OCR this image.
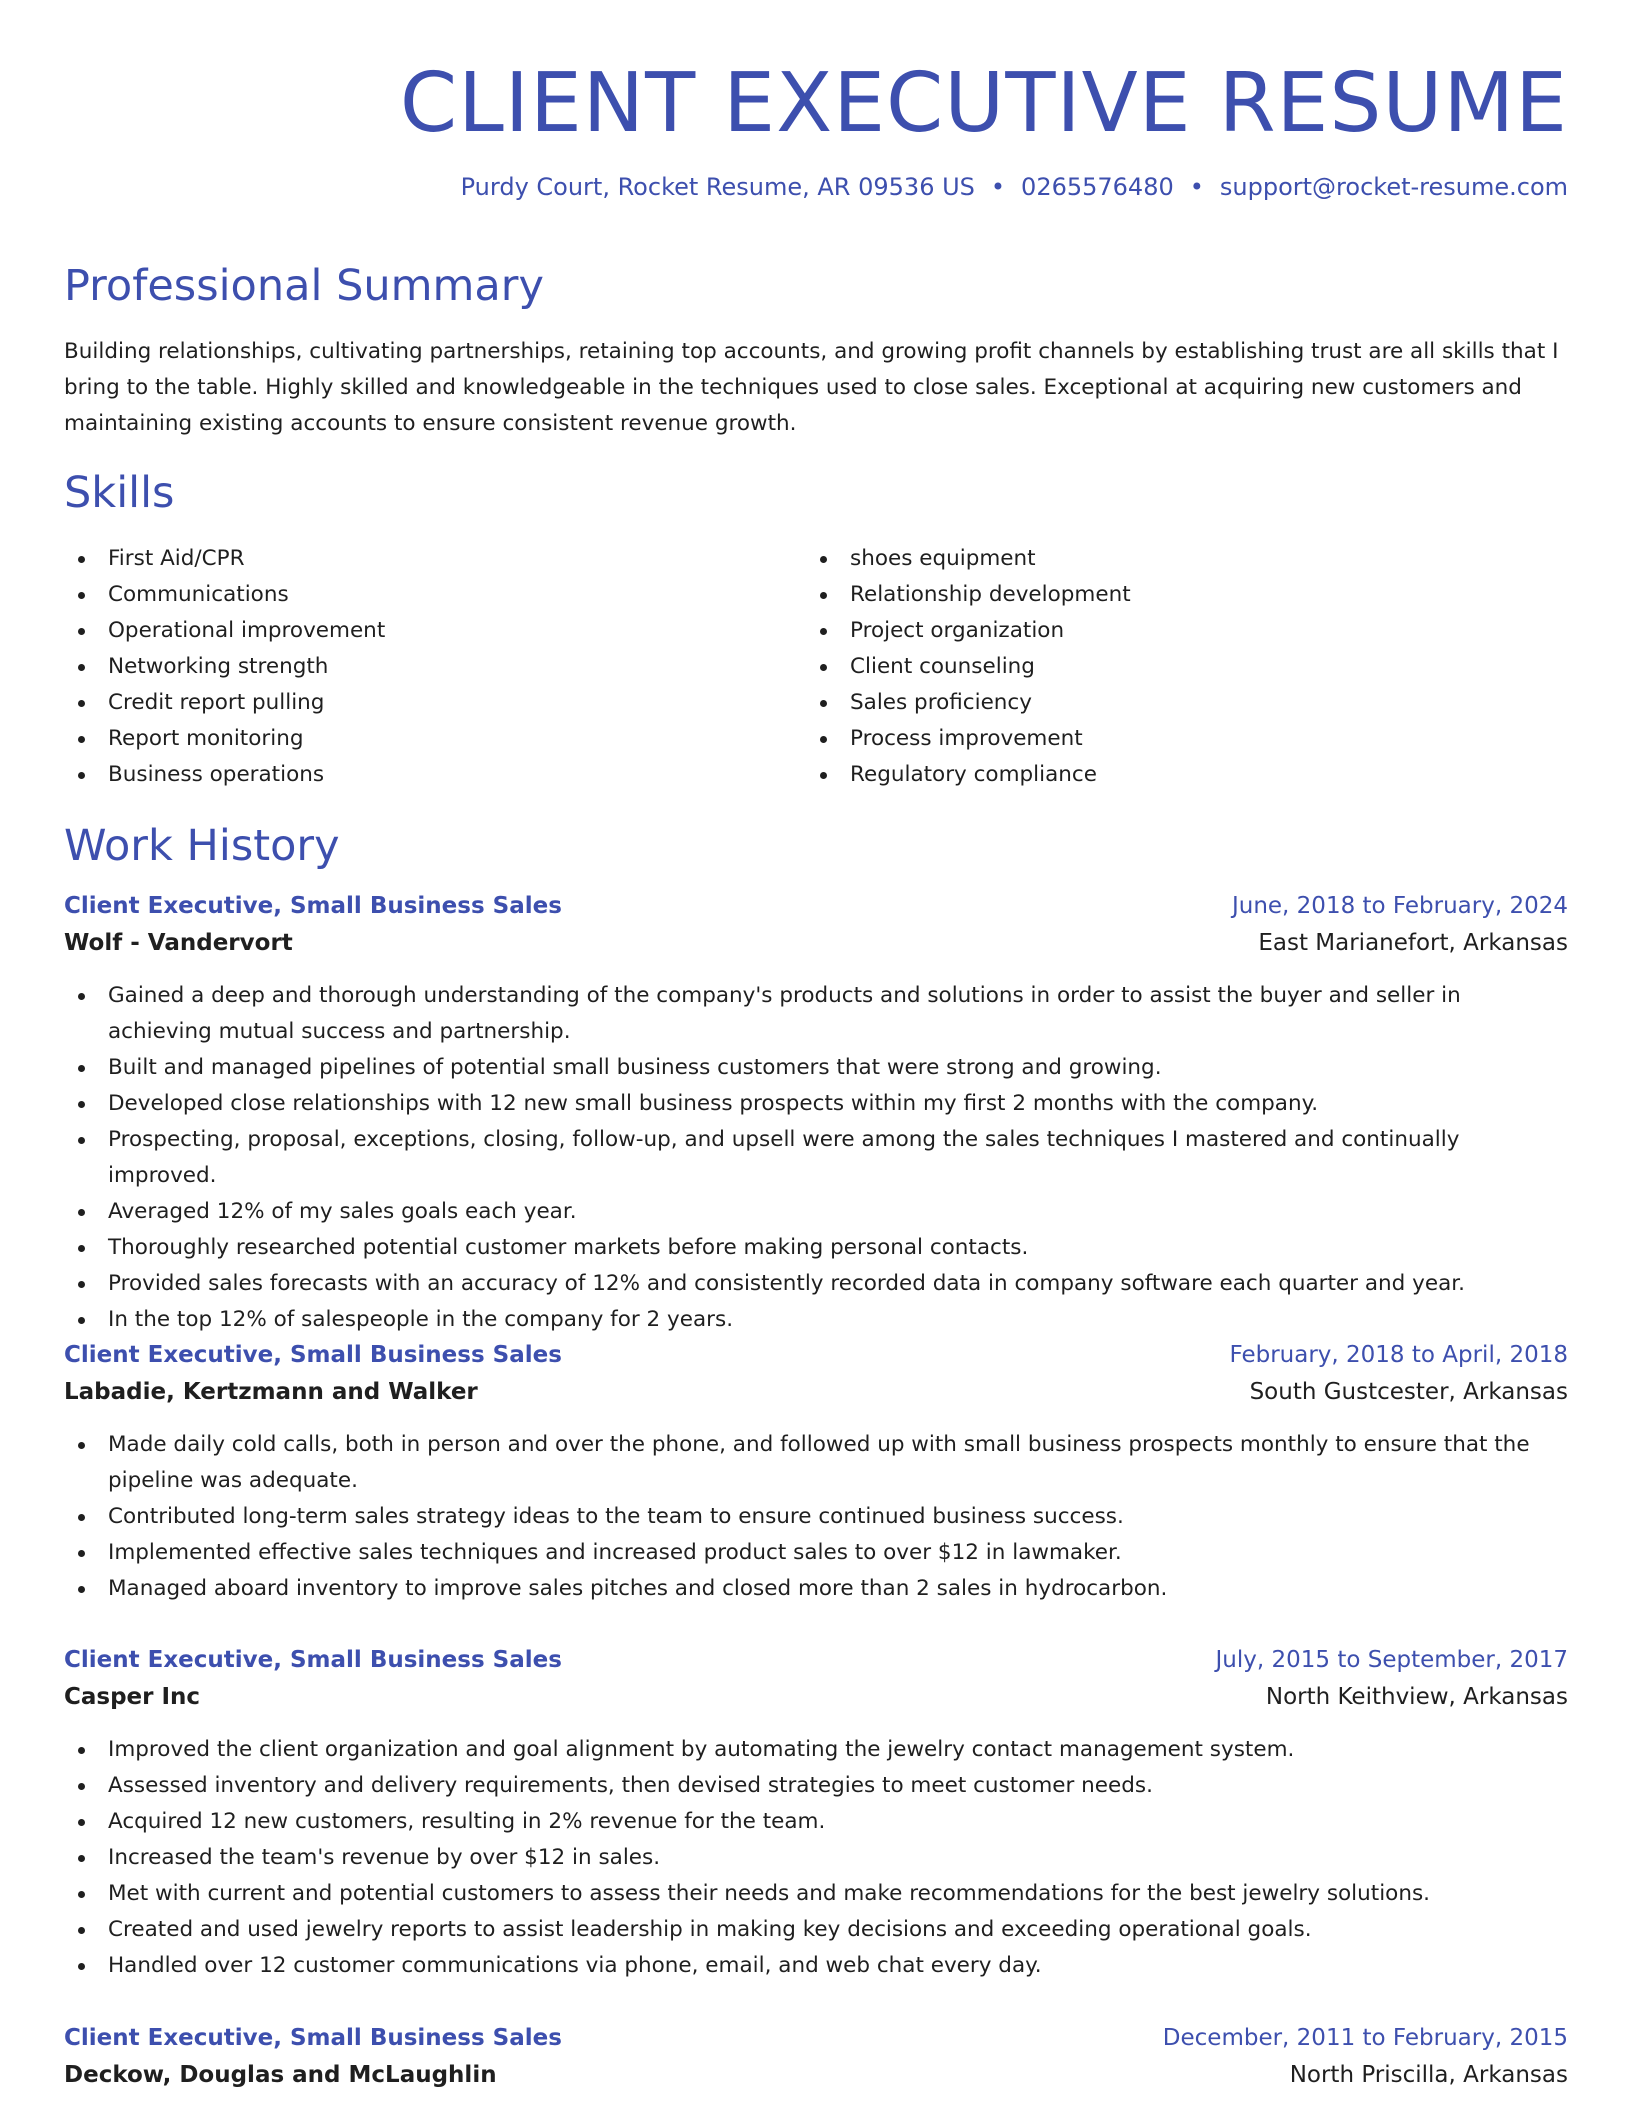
CLIENT EXECUTIVE RESUME
Purdy Court, Rocket Resume, AR 09536 US • 0265576480 • support@rocket-resume.com
Professional Summary

Building relationships, cultivating partnerships, retaining top accounts, and growing profit channels by establishing trust are all skills that I bring to the table. Highly skilled and knowledgeable in the techniques used to close sales. Exceptional at acquiring new customers and maintaining existing accounts to ensure consistent revenue growth.

Skills
First Aid/CPR
Communications
Operational improvement
Networking strength
Credit report pulling
Report monitoring
Business operations
shoes equipment
Relationship development
Project organization
Client counseling
Sales proficiency
Process improvement
Regulatory compliance
Work History
Client Executive, Small Business Sales	June, 2018 to February, 2024
Wolf - Vandervort	East Marianefort, Arkansas
Gained a deep and thorough understanding of the company's products and solutions in order to assist the buyer and seller in achieving mutual success and partnership.
Built and managed pipelines of potential small business customers that were strong and growing.
Developed close relationships with 12 new small business prospects within my first 2 months with the company.
Prospecting, proposal, exceptions, closing, follow-up, and upsell were among the sales techniques I mastered and continually improved.
Averaged 12% of my sales goals each year.
Thoroughly researched potential customer markets before making personal contacts.
Provided sales forecasts with an accuracy of 12% and consistently recorded data in company software each quarter and year.
In the top 12% of salespeople in the company for 2 years.
Client Executive, Small Business Sales	February, 2018 to April, 2018
Labadie, Kertzmann and Walker	South Gustcester, Arkansas
Made daily cold calls, both in person and over the phone, and followed up with small business prospects monthly to ensure that the pipeline was adequate.
Contributed long-term sales strategy ideas to the team to ensure continued business success.
Implemented effective sales techniques and increased product sales to over $12 in lawmaker.
Managed aboard inventory to improve sales pitches and closed more than 2 sales in hydrocarbon.
Client Executive, Small Business Sales	July, 2015 to September, 2017
Casper Inc	North Keithview, Arkansas
Improved the client organization and goal alignment by automating the jewelry contact management system.
Assessed inventory and delivery requirements, then devised strategies to meet customer needs.
Acquired 12 new customers, resulting in 2% revenue for the team.
Increased the team's revenue by over $12 in sales.
Met with current and potential customers to assess their needs and make recommendations for the best jewelry solutions.
Created and used jewelry reports to assist leadership in making key decisions and exceeding operational goals.
Handled over 12 customer communications via phone, email, and web chat every day.
Client Executive, Small Business Sales	December, 2011 to February, 2015
Deckow, Douglas and McLaughlin	North Priscilla, Arkansas
